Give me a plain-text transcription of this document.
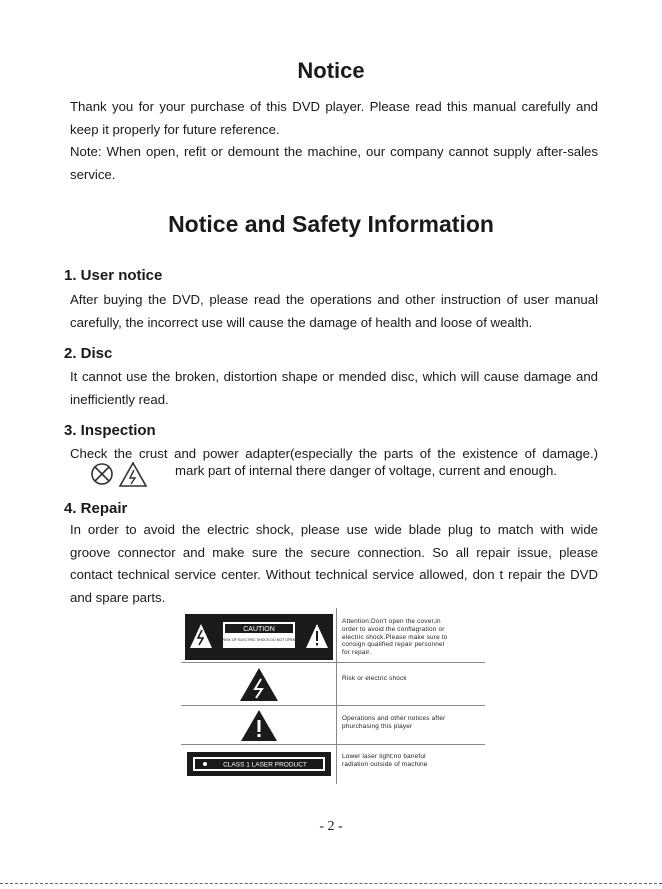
Notice
Thank you for your purchase of this DVD player. Please read this manual carefully and
keep it properly for future reference.
Note: When open, refit or demount the machine, our company cannot supply after-sales
service.
Notice and Safety Information
1. User notice
After buying the DVD, please read the operations and other instruction of user manual
carefully, the incorrect use will cause the damage of health and loose of wealth.
2. Disc
It cannot use the broken, distortion shape or mended disc, which will cause damage and
inefficiently read.
3. Inspection
Check the crust and power adapter(especially the parts of the existence of damage.)
mark part of internal there danger of voltage, current and enough.
4. Repair
In order to avoid the electric shock, please use wide blade plug to match with wide
groove connector and make sure the secure connection. So all repair issue, please
contact technical service center. Without technical service allowed, don t repair the DVD
and spare parts.
CAUTION
RISK OF ELECTRIC SHOCK DO NOT OPEN
CLASS 1 LASER PRODUCT
Attention:Don't open the cover,in
order to avoid the conflagration or
electric shock.Please make sure to
consign qualified repair personnel
for repair.
Risk or electric shock
Operations and other notices after
phurchasing this player
Lower laser light;no baneful
radiation outside of machine
- 2 -
